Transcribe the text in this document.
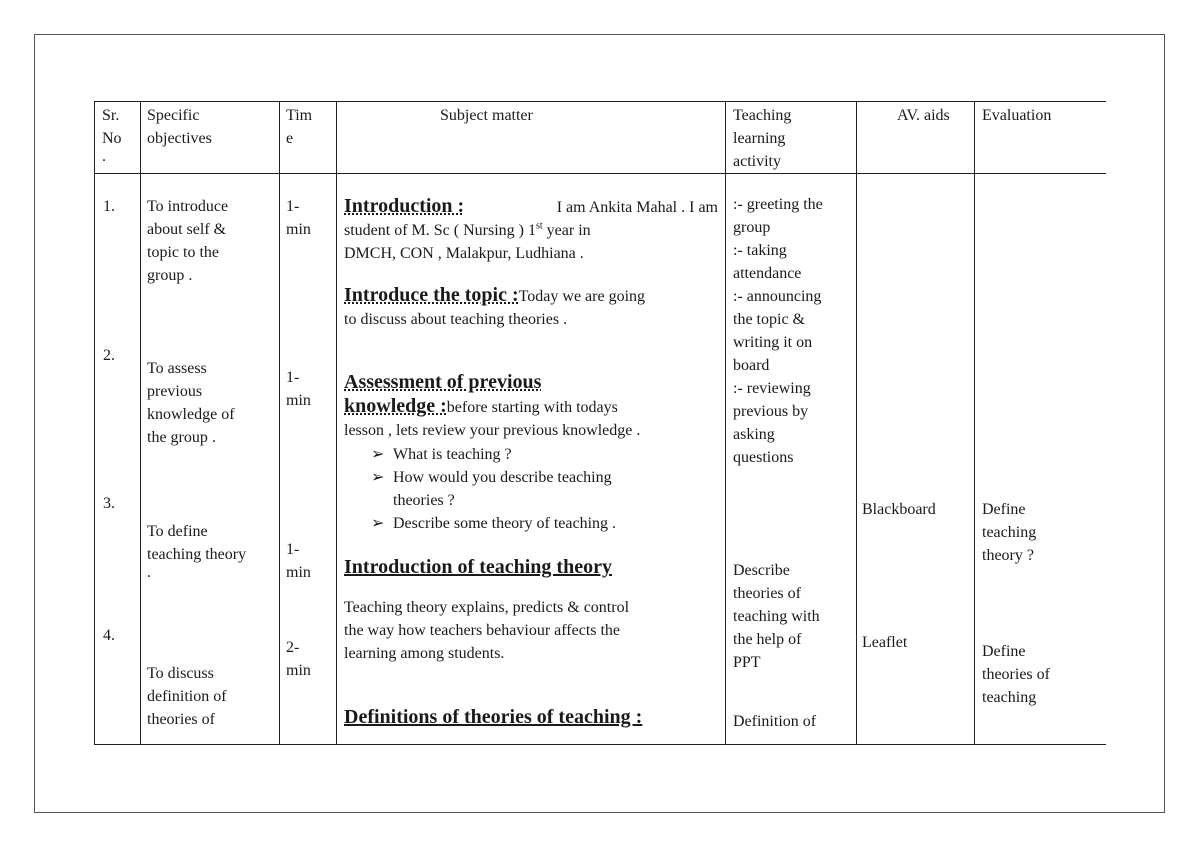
Sr.
No
.
Specific
objectives
Tim
e
Subject matter	Teaching
learning
activity
AV. aids Evaluation
1.
2.
3.
4.
To introduce
about self &
topic to the
group .
To assess
previous
knowledge of
the group .
To define
teaching theory
.
To discuss
definition of
theories of
1-
min
1-
min
1-
min
2-
min
Introduction :	I am Ankita Mahal . I am
student of M. Sc ( Nursing ) 1st year in
DMCH, CON , Malakpur, Ludhiana .
Introduce the topic :Today we are going
to discuss about teaching theories .
Assessment of previous
knowledge :before starting with todays
lesson , lets review your previous knowledge .
➢ What is teaching ?
➢ How would you describe teaching
theories ?
➢ Describe some theory of teaching .
Introduction of teaching theory
Teaching theory explains, predicts & control
the way how teachers behaviour affects the
learning among students.
Definitions of theories of teaching :
:- greeting the
group
:- taking
attendance
:- announcing
the topic &
writing it on
board
:- reviewing
previous by
asking
questions
Describe
theories of
teaching with
the help of
PPT
Definition of
Blackboard
Leaflet
Define
teaching
theory ?
Define
theories of
teaching
